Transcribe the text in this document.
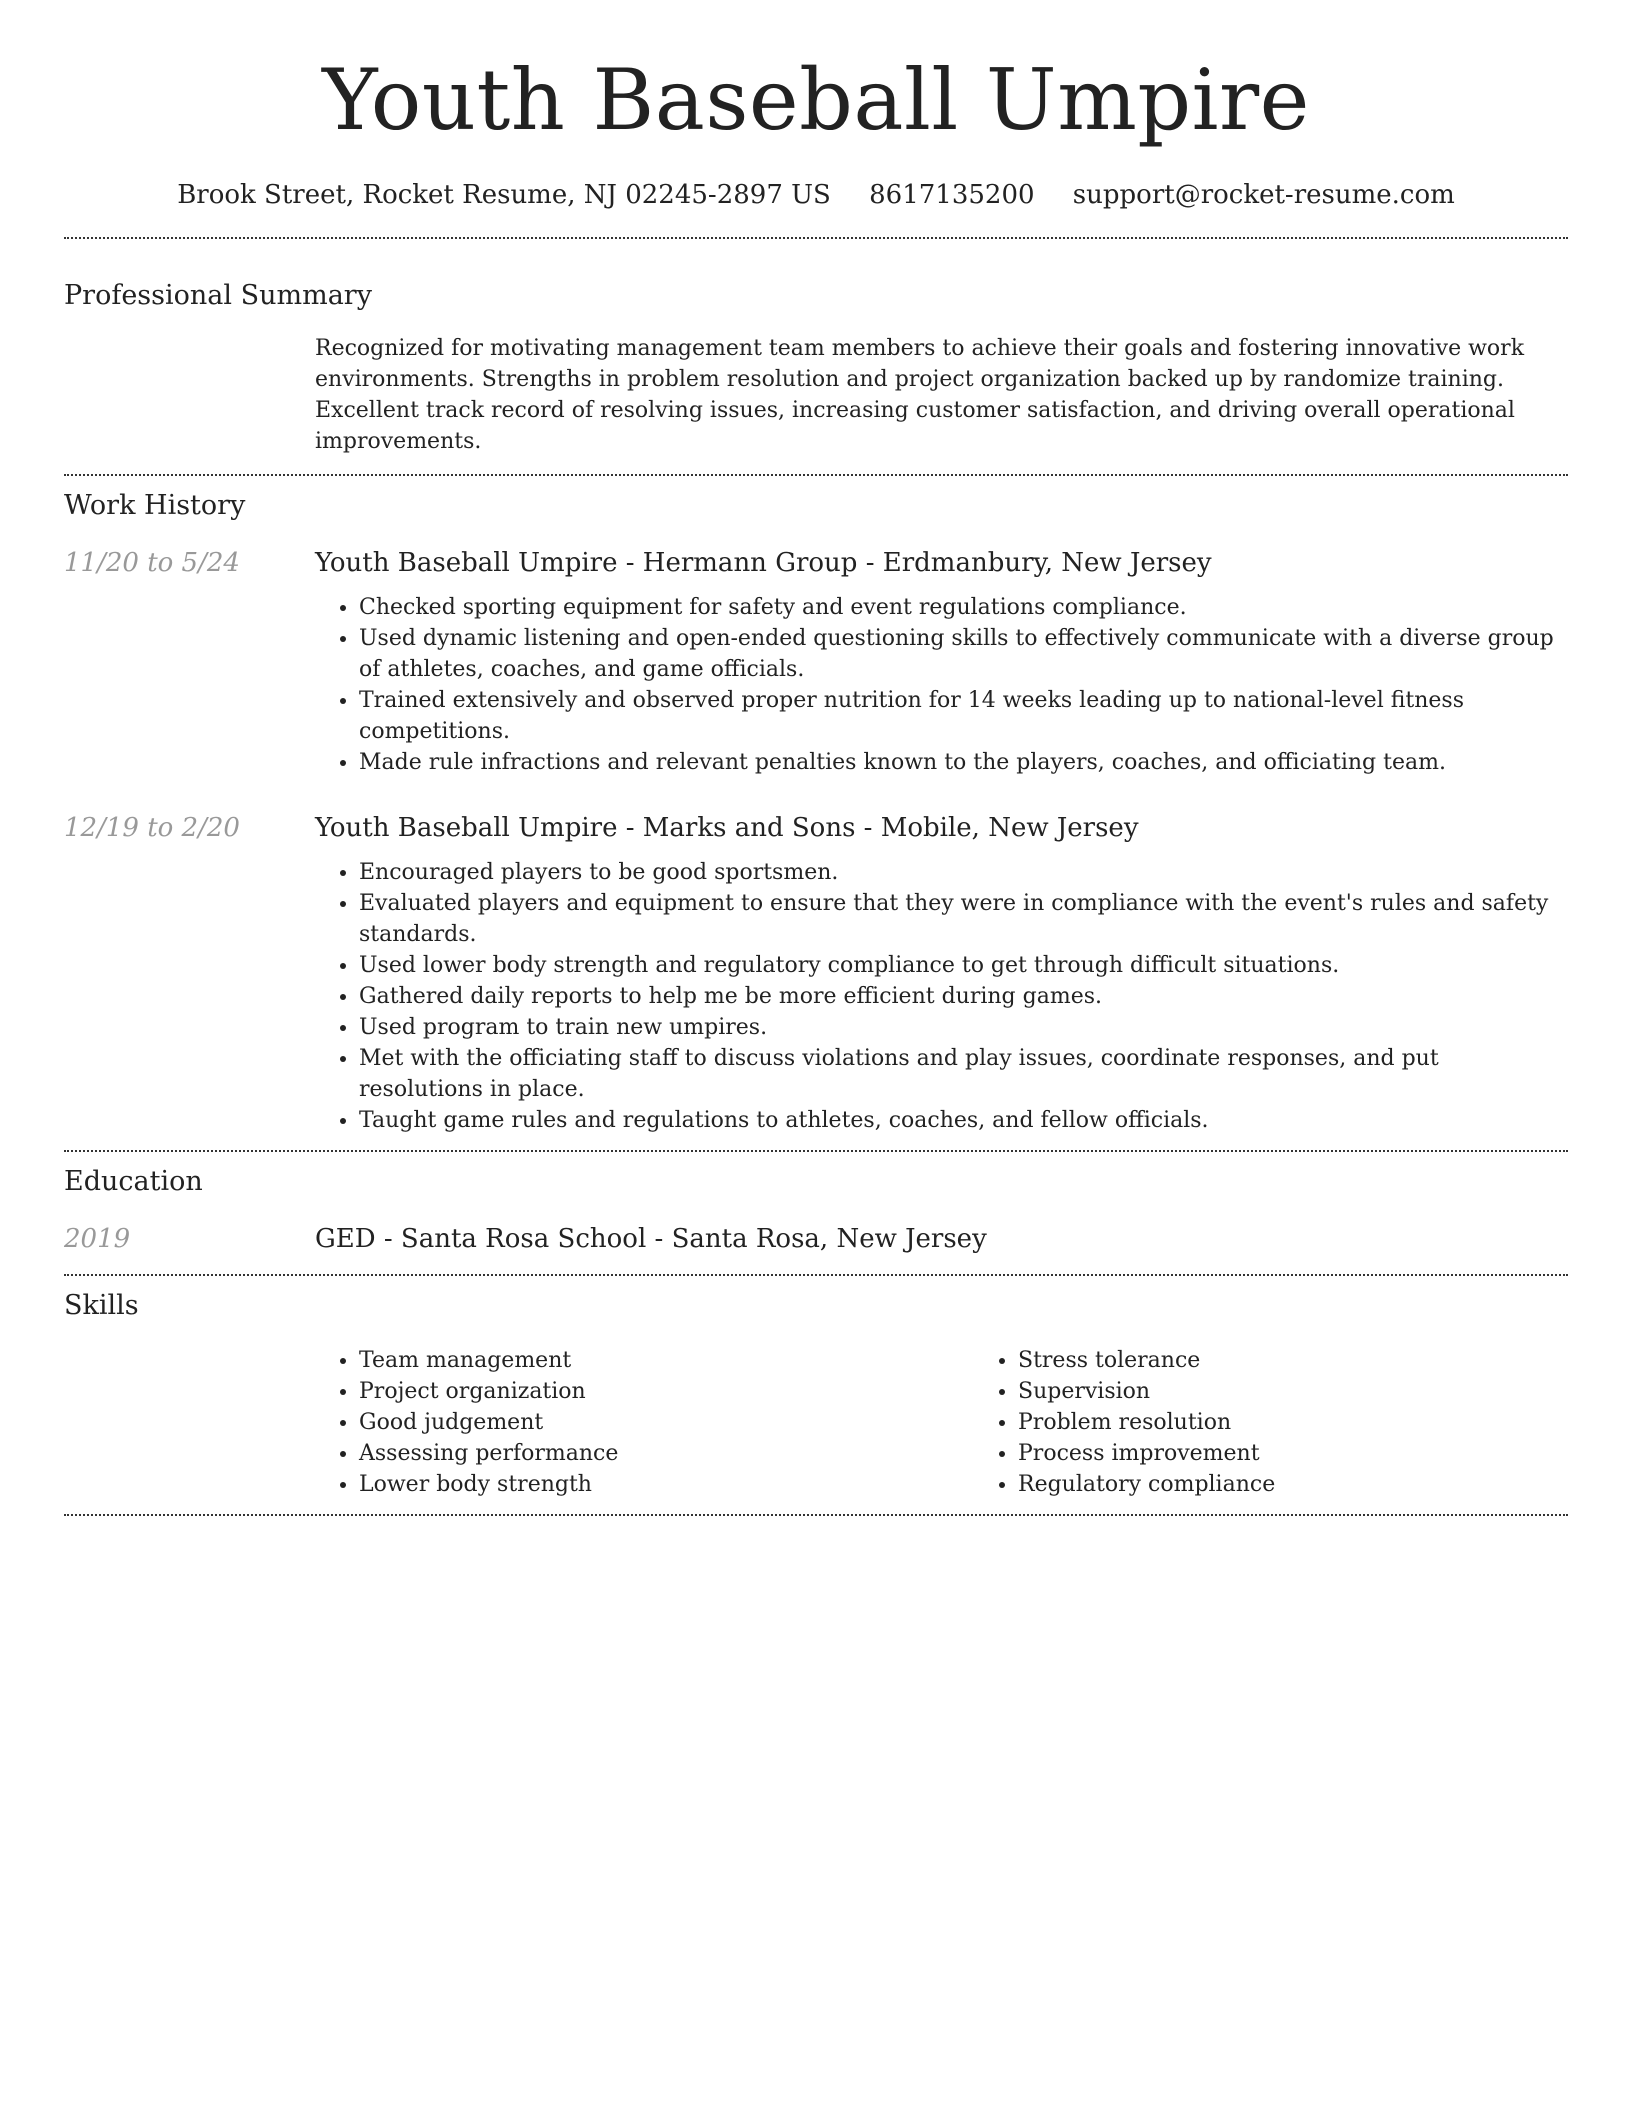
Youth Baseball Umpire
Brook Street, Rocket Resume, NJ 02245-2897 US 8617135200 support@rocket-resume.com
Professional Summary

Recognized for motivating management team members to achieve their goals and fostering innovative work environments. Strengths in problem resolution and project organization backed up by randomize training. Excellent track record of resolving issues, increasing customer satisfaction, and driving overall operational improvements.

Work History
11/20 to 5/24	Youth Baseball Umpire - Hermann Group - Erdmanbury, New Jersey
• Checked sporting equipment for safety and event regulations compliance.
• Used dynamic listening and open-ended questioning skills to effectively communicate with a diverse group of athletes, coaches, and game officials.
• Trained extensively and observed proper nutrition for 14 weeks leading up to national-level fitness competitions.
• Made rule infractions and relevant penalties known to the players, coaches, and officiating team.
12/19 to 2/20	Youth Baseball Umpire - Marks and Sons - Mobile, New Jersey
• Encouraged players to be good sportsmen.
• Evaluated players and equipment to ensure that they were in compliance with the event's rules and safety standards.
• Used lower body strength and regulatory compliance to get through difficult situations.
• Gathered daily reports to help me be more efficient during games.
• Used program to train new umpires.
• Met with the officiating staff to discuss violations and play issues, coordinate responses, and put resolutions in place.
• Taught game rules and regulations to athletes, coaches, and fellow officials.
Education
2019	GED - Santa Rosa School - Santa Rosa, New Jersey
Skills
• Team management
• Project organization
• Good judgement
• Assessing performance
• Lower body strength
• Stress tolerance
• Supervision
• Problem resolution
• Process improvement
• Regulatory compliance
